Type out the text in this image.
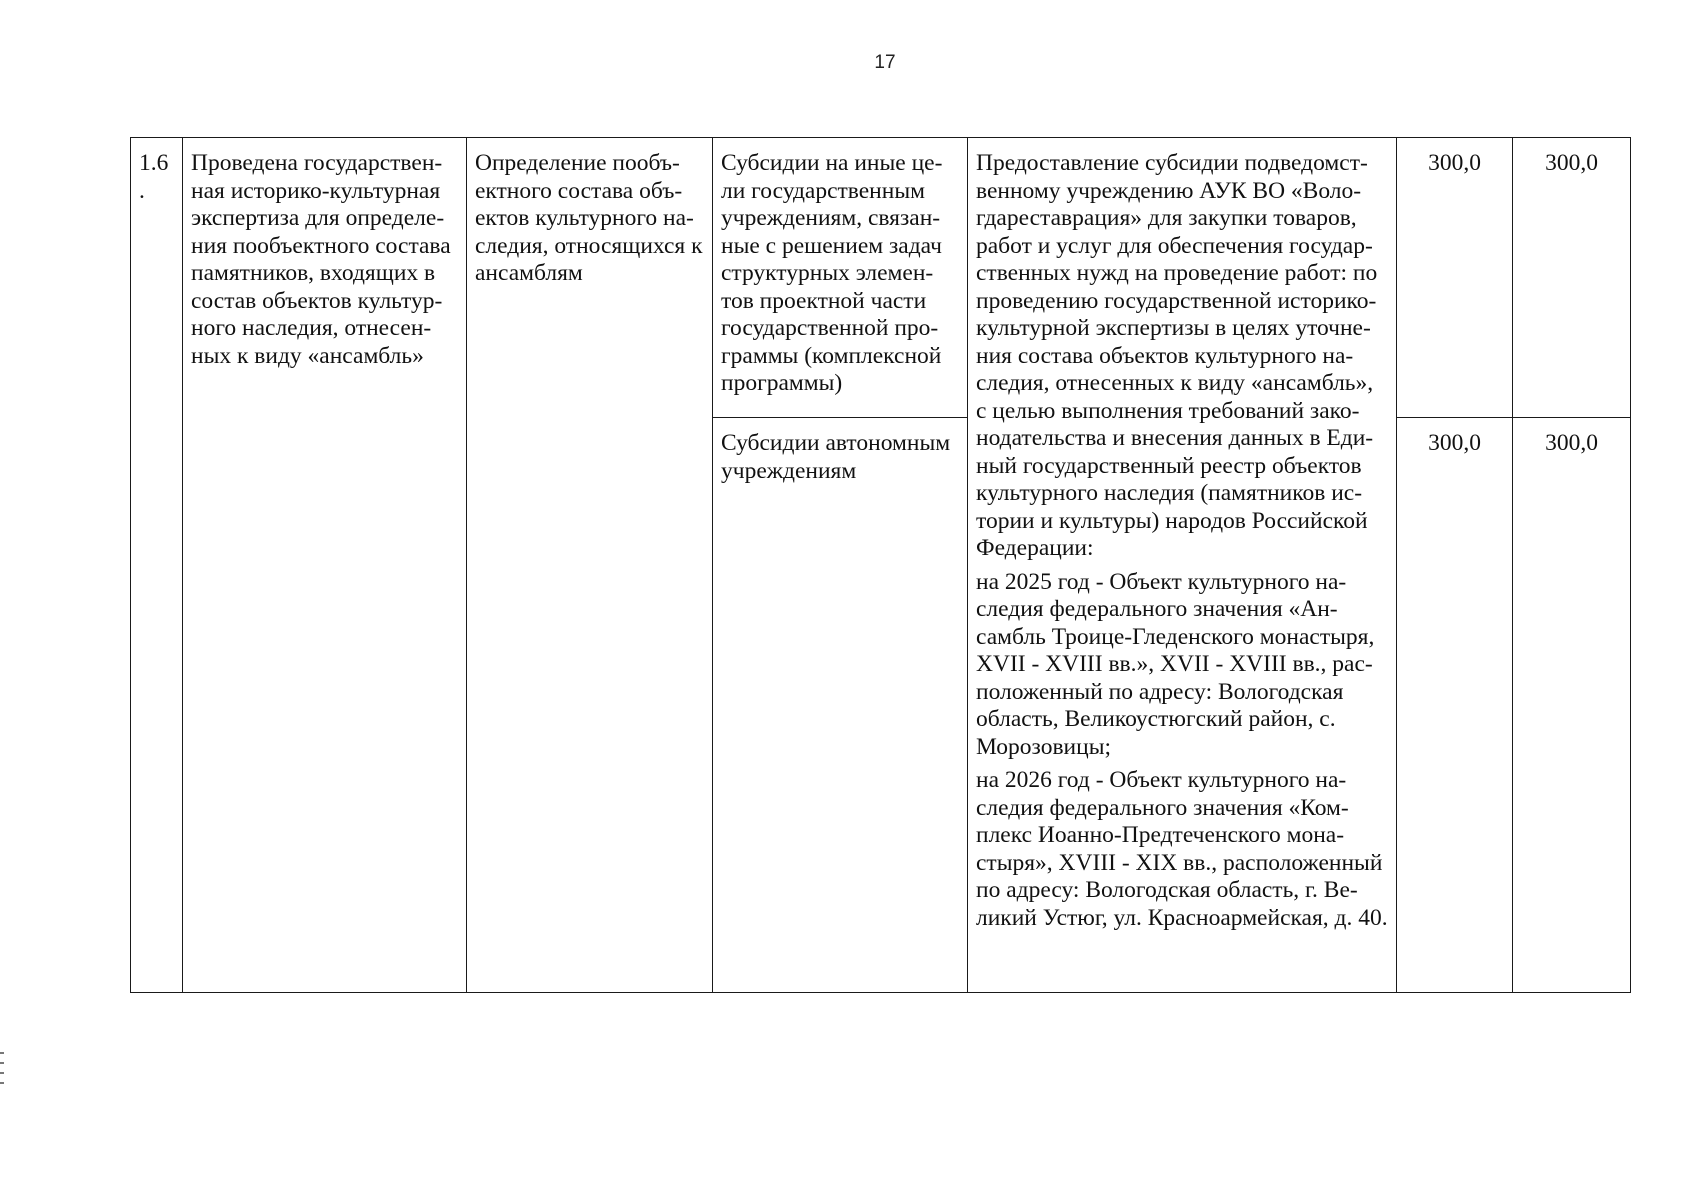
17
1.6.	Проведена государствен-ная историко-культурная экспертиза для определе-ния пообъектного состава памятников, входящих в состав объектов культур-ного наследия, отнесен-ных к виду «ансамбль»	Определение пообъ-ектного состава объ-ектов культурного на-следия, относящихся к ансамблям	Субсидии на иные це-ли государственным учреждениям, связан-ные с решением задач структурных элемен-тов проектной части государственной про-граммы (комплексной программы)	Предоставление субсидии подведомст-венному учреждению АУК ВО «Воло-гдареставрация» для закупки товаров, работ и услуг для обеспечения государ-ственных нужд на проведение работ: по проведению государственной историко-культурной экспертизы в целях уточне-ния состава объектов культурного на-следия, отнесенных к виду «ансамбль», с целью выполнения требований зако-нодательства и внесения данных в Еди-ный государственный реестр объектов культурного наследия (памятников ис-тории и культуры) народов Российской Федерации:

на 2025 год - Объект культурного на-следия федерального значения «Ан-самбль Троице-Гледенского монастыря, XVII - XVIII вв.», XVII - XVIII вв., рас-положенный по адресу: Вологодская область, Великоустюгский район, с. Морозовицы;

на 2026 год - Объект культурного на-следия федерального значения «Ком-плекс Иоанно-Предтеченского мона-стыря», XVIII - XIX вв., расположенный по адресу: Вологодская область, г. Ве-ликий Устюг, ул. Красноармейская, д. 40.	300,0	300,0
			Субсидии автономным учреждениям		300,0	300,0
